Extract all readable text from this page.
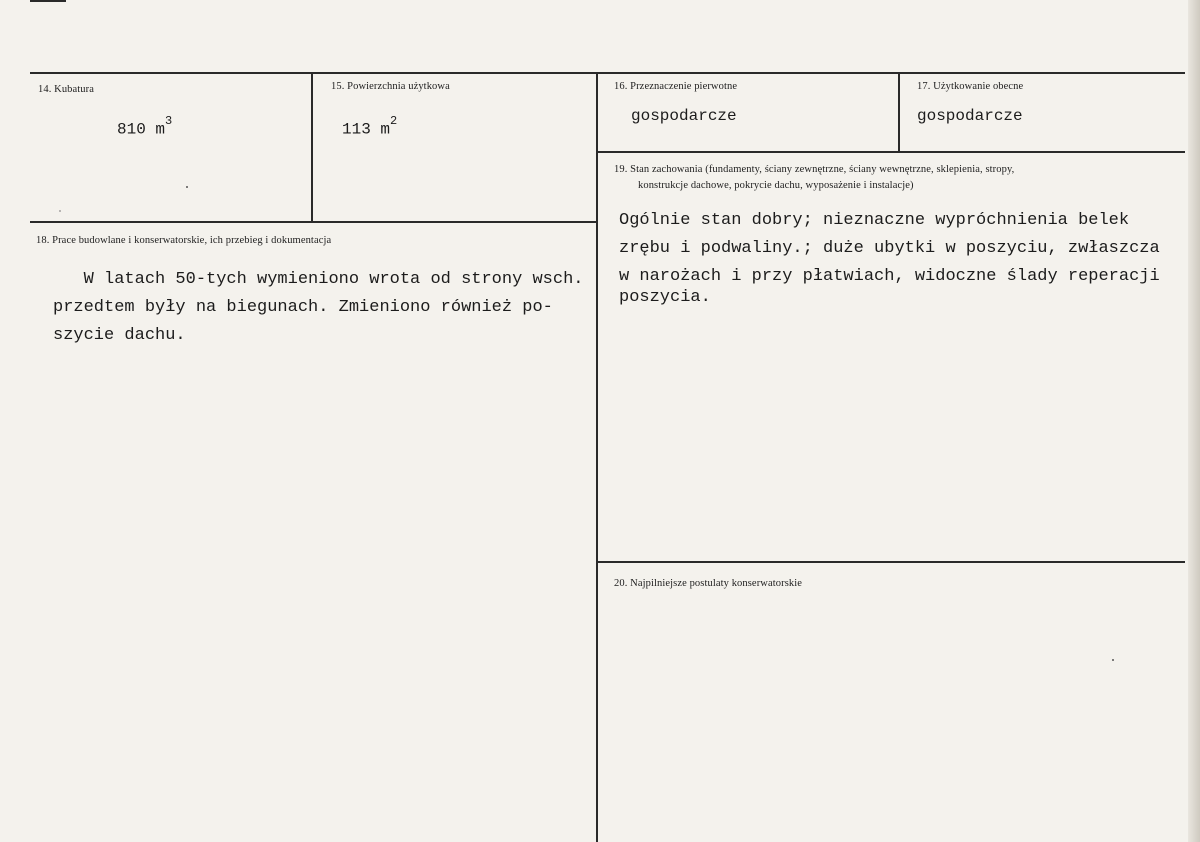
14. Kubatura
810 $m^3$
15. Powierzchnia użytkowa
113 $m^2$
16. Przeznaczenie pierwotne
gospodarcze
17. Użytkowanie obecne
gospodarcze
18. Prace budowlane i konserwatorskie, ich przebieg i dokumentacja
W latach 50-tych wymieniono wrota od strony wsch.
przedtem były na biegunach. Zmieniono również po-
szycie dachu.
19. Stan zachowania (fundamenty, ściany zewnętrzne, ściany wewnętrzne, sklepienia, stropy,
konstrukcje dachowe, pokrycie dachu, wyposażenie i instalacje)
Ogólnie stan dobry; nieznaczne wypróchnienia belek
zrębu i podwaliny.; duże ubytki w poszyciu, zwłaszcza
w narożach i przy płatwiach, widoczne ślady reperacji
poszycia.
20. Najpilniejsze postulaty konserwatorskie
